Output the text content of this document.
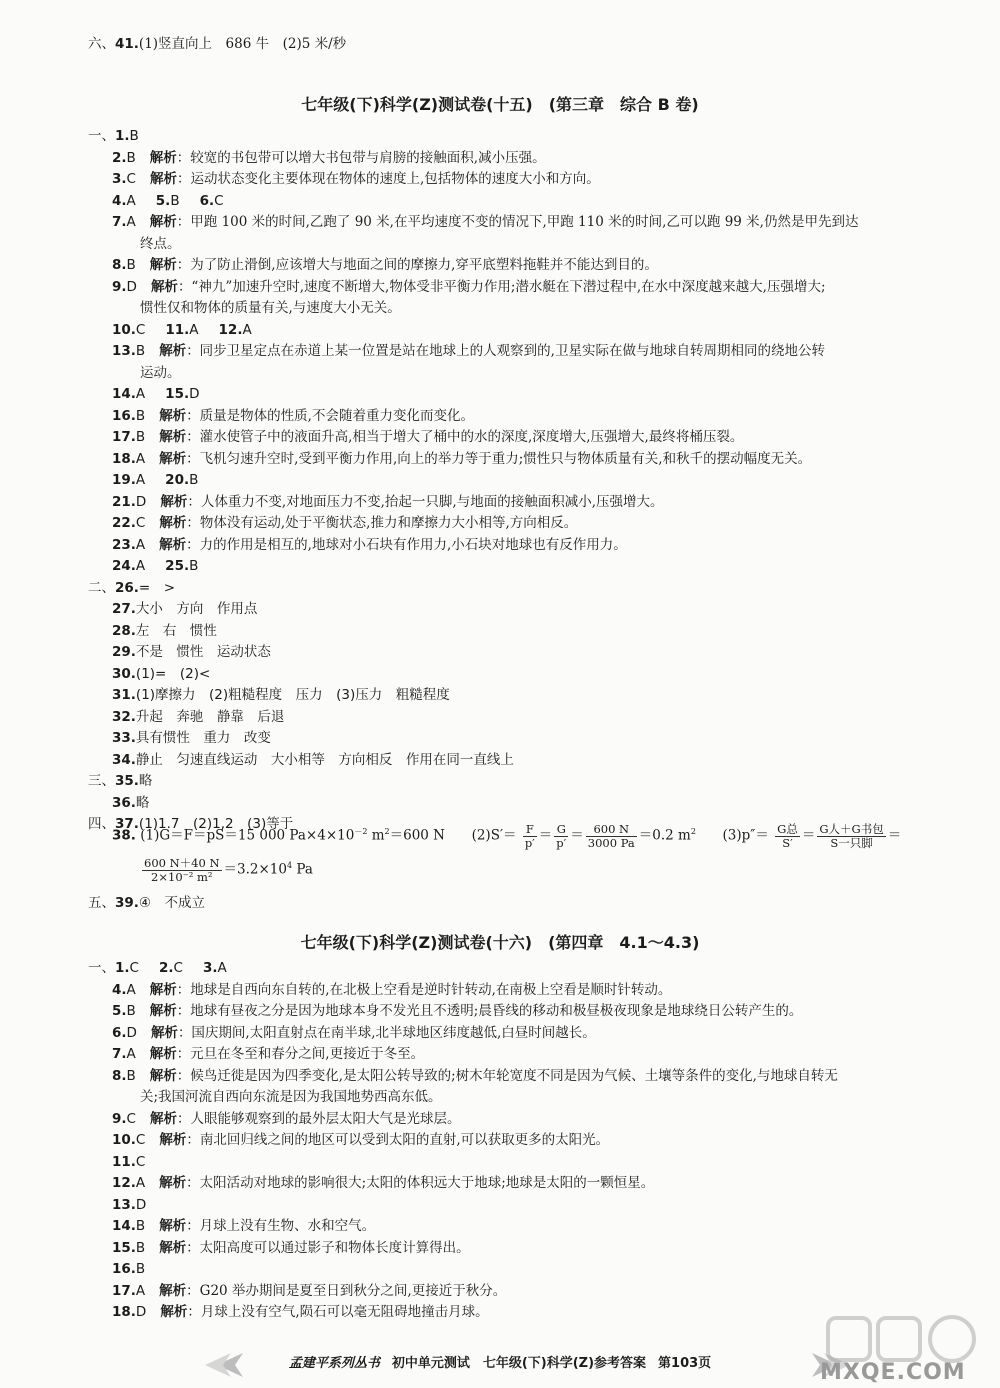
六、41.(1)竖直向上　686 牛　(2)5 米/秒
七年级(下)科学(Z)测试卷(十五)　(第三章　综合 B 卷)
一、1.B
2.B 解析：较宽的书包带可以增大书包带与肩膀的接触面积,减小压强。
3.C 解析：运动状态变化主要体现在物体的速度上,包括物体的速度大小和方向。
4.A 5.B 6.C
7.A 解析：甲跑 100 米的时间,乙跑了 90 米,在平均速度不变的情况下,甲跑 110 米的时间,乙可以跑 99 米,仍然是甲先到达
终点。
8.B 解析：为了防止滑倒,应该增大与地面之间的摩擦力,穿平底塑料拖鞋并不能达到目的。
9.D 解析：“神九”加速升空时,速度不断增大,物体受非平衡力作用;潜水艇在下潜过程中,在水中深度越来越大,压强增大;
惯性仅和物体的质量有关,与速度大小无关。
10.C 11.A 12.A
13.B 解析：同步卫星定点在赤道上某一位置是站在地球上的人观察到的,卫星实际在做与地球自转周期相同的绕地公转
运动。
14.A 15.D
16.B 解析：质量是物体的性质,不会随着重力变化而变化。
17.B 解析：灌水使管子中的液面升高,相当于增大了桶中的水的深度,深度增大,压强增大,最终将桶压裂。
18.A 解析：飞机匀速升空时,受到平衡力作用,向上的举力等于重力;惯性只与物体质量有关,和秋千的摆动幅度无关。
19.A 20.B
21.D 解析：人体重力不变,对地面压力不变,抬起一只脚,与地面的接触面积减小,压强增大。
22.C 解析：物体没有运动,处于平衡状态,推力和摩擦力大小相等,方向相反。
23.A 解析：力的作用是相互的,地球对小石块有作用力,小石块对地球也有反作用力。
24.A 25.B
二、26.=　>
27.大小　方向　作用点
28.左　右　惯性
29.不是　惯性　运动状态
30.(1)=　(2)<
31.(1)摩擦力　(2)粗糙程度　压力　(3)压力　粗糙程度
32.升起　奔驰　静靠　后退
33.具有惯性　重力　改变
34.静止　匀速直线运动　大小相等　方向相反　作用在同一直线上
三、35.略
36.略
四、37.(1)1.7　(2)1,2　(3)等于
38. (1)G＝F＝pS＝15 000 $Pa\times 4\times 10^{-2}$ $m^2=600$ N $(2)S'= \frac{F}{p'} = \frac{G}{p'} = \frac{600 N}{3000 Pa} =0.2$ $m^2$ $(3)p''= \frac{\text{G总}}{S'} = \frac{\text{G人＋G书包}}{\text{S一只脚}}$ ＝
$\frac{600 N+40 N}{\text{2×10⁻² m²}} =3.2\times 10^4$ Pa
五、39.④　不成立
七年级(下)科学(Z)测试卷(十六)　(第四章　4.1～4.3)
一、1.C 2.C 3.A
4.A 解析：地球是自西向东自转的,在北极上空看是逆时针转动,在南极上空看是顺时针转动。
5.B 解析：地球有昼夜之分是因为地球本身不发光且不透明;晨昏线的移动和极昼极夜现象是地球绕日公转产生的。
6.D 解析：国庆期间,太阳直射点在南半球,北半球地区纬度越低,白昼时间越长。
7.A 解析：元旦在冬至和春分之间,更接近于冬至。
8.B 解析：候鸟迁徙是因为四季变化,是太阳公转导致的;树木年轮宽度不同是因为气候、土壤等条件的变化,与地球自转无
关;我国河流自西向东流是因为我国地势西高东低。
9.C 解析：人眼能够观察到的最外层太阳大气是光球层。
10.C 解析：南北回归线之间的地区可以受到太阳的直射,可以获取更多的太阳光。
11.C
12.A 解析：太阳活动对地球的影响很大;太阳的体积远大于地球;地球是太阳的一颗恒星。
13.D
14.B 解析：月球上没有生物、水和空气。
15.B 解析：太阳高度可以通过影子和物体长度计算得出。
16.B
17.A 解析：G20 举办期间是夏至日到秋分之间,更接近于秋分。
18.D 解析：月球上没有空气,陨石可以毫无阻碍地撞击月球。
孟建平系列丛书 初中单元测试　七年级(下)科学(Z)参考答案 第103页	MXQE.COM
